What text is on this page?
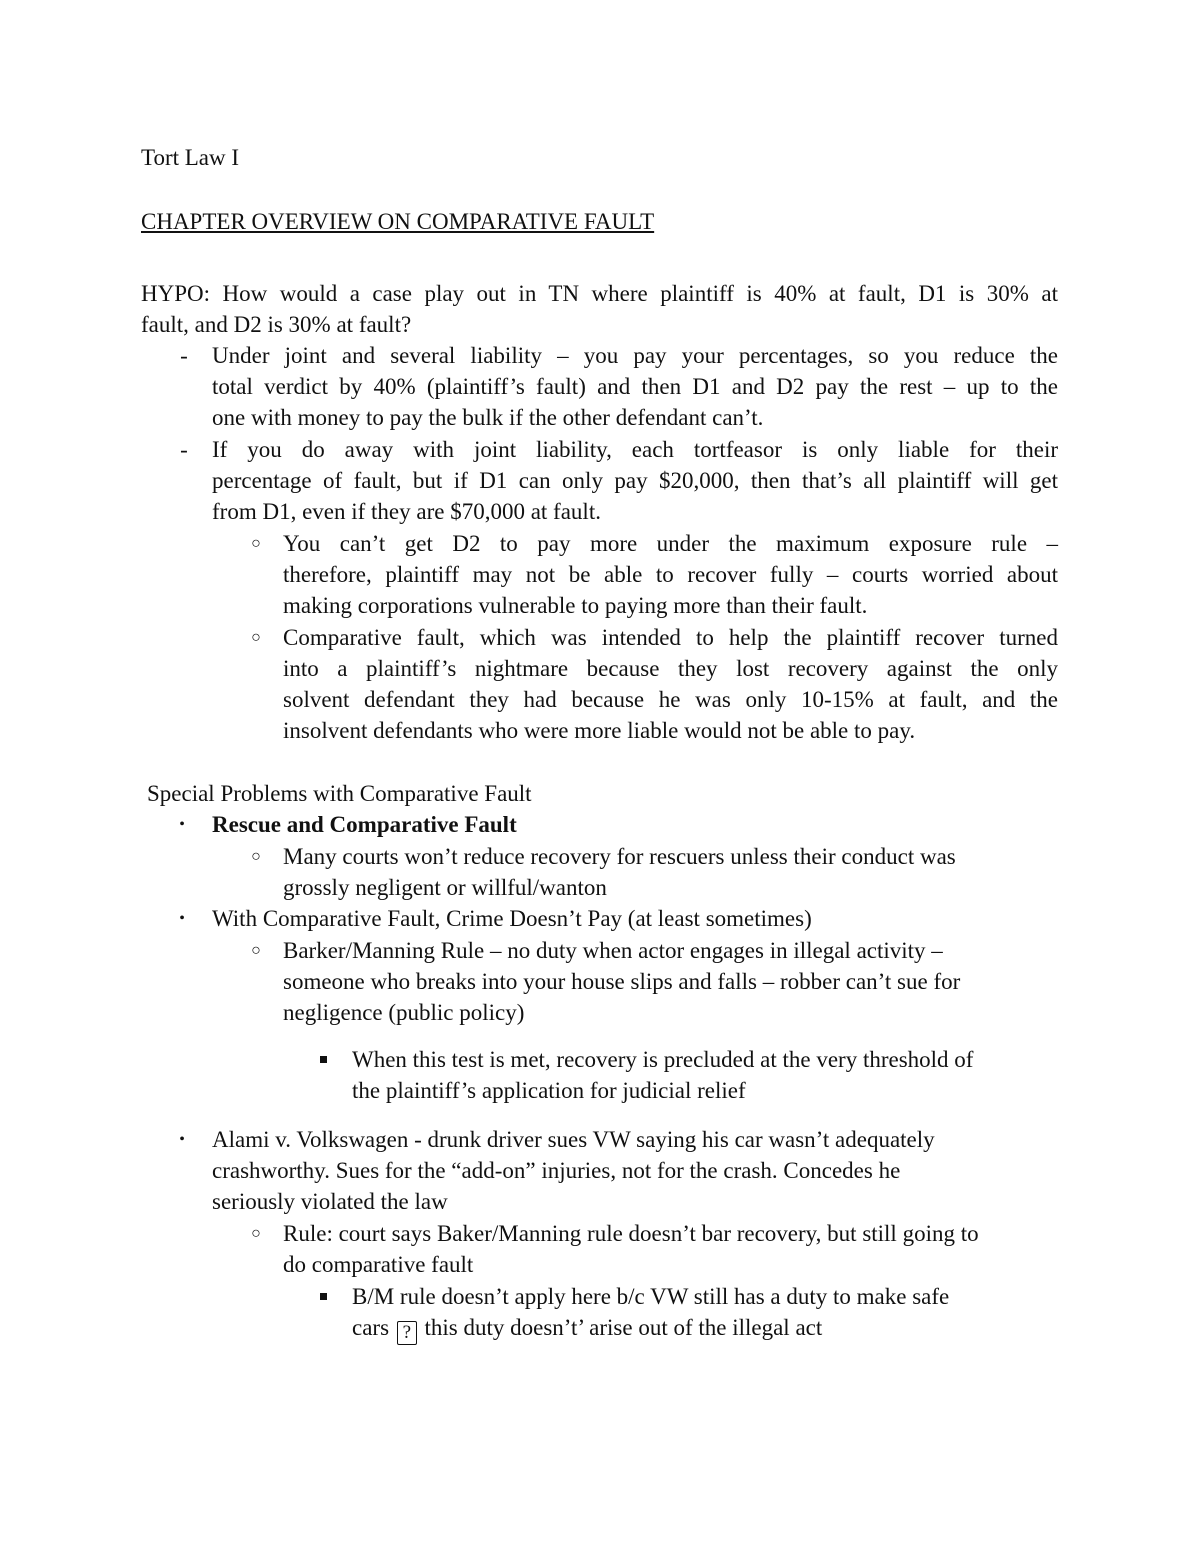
Tort Law I
CHAPTER OVERVIEW ON COMPARATIVE FAULT
HYPO: How would a case play out in TN where plaintiff is 40% at fault, D1 is 30% at
fault, and D2 is 30% at fault?
- Under joint and several liability – you pay your percentages, so you reduce the
total verdict by 40% (plaintiff’s fault) and then D1 and D2 pay the rest – up to the
one with money to pay the bulk if the other defendant can’t.
- If you do away with joint liability, each tortfeasor is only liable for their
percentage of fault, but if D1 can only pay $20,000, then that’s all plaintiff will get
from D1, even if they are $70,000 at fault.
○ You can’t get D2 to pay more under the maximum exposure rule –
therefore, plaintiff may not be able to recover fully – courts worried about
making corporations vulnerable to paying more than their fault.
○ Comparative fault, which was intended to help the plaintiff recover turned
into a plaintiff’s nightmare because they lost recovery against the only
solvent defendant they had because he was only 10-15% at fault, and the
insolvent defendants who were more liable would not be able to pay.
Special Problems with Comparative Fault
•	Rescue and Comparative Fault
○ Many courts won’t reduce recovery for rescuers unless their conduct was
grossly negligent or willful/wanton
•	With Comparative Fault, Crime Doesn’t Pay (at least sometimes)
○ Barker/Manning Rule – no duty when actor engages in illegal activity –
someone who breaks into your house slips and falls – robber can’t sue for
negligence (public policy)
When this test is met, recovery is precluded at the very threshold of
the plaintiff’s application for judicial relief
•	Alami v. Volkswagen - drunk driver sues VW saying his car wasn’t adequately
crashworthy. Sues for the “add-on” injuries, not for the crash. Concedes he
seriously violated the law
○ Rule: court says Baker/Manning rule doesn’t bar recovery, but still going to
do comparative fault
B/M rule doesn’t apply here b/c VW still has a duty to make safe
cars ? this duty doesn’t’ arise out of the illegal act
